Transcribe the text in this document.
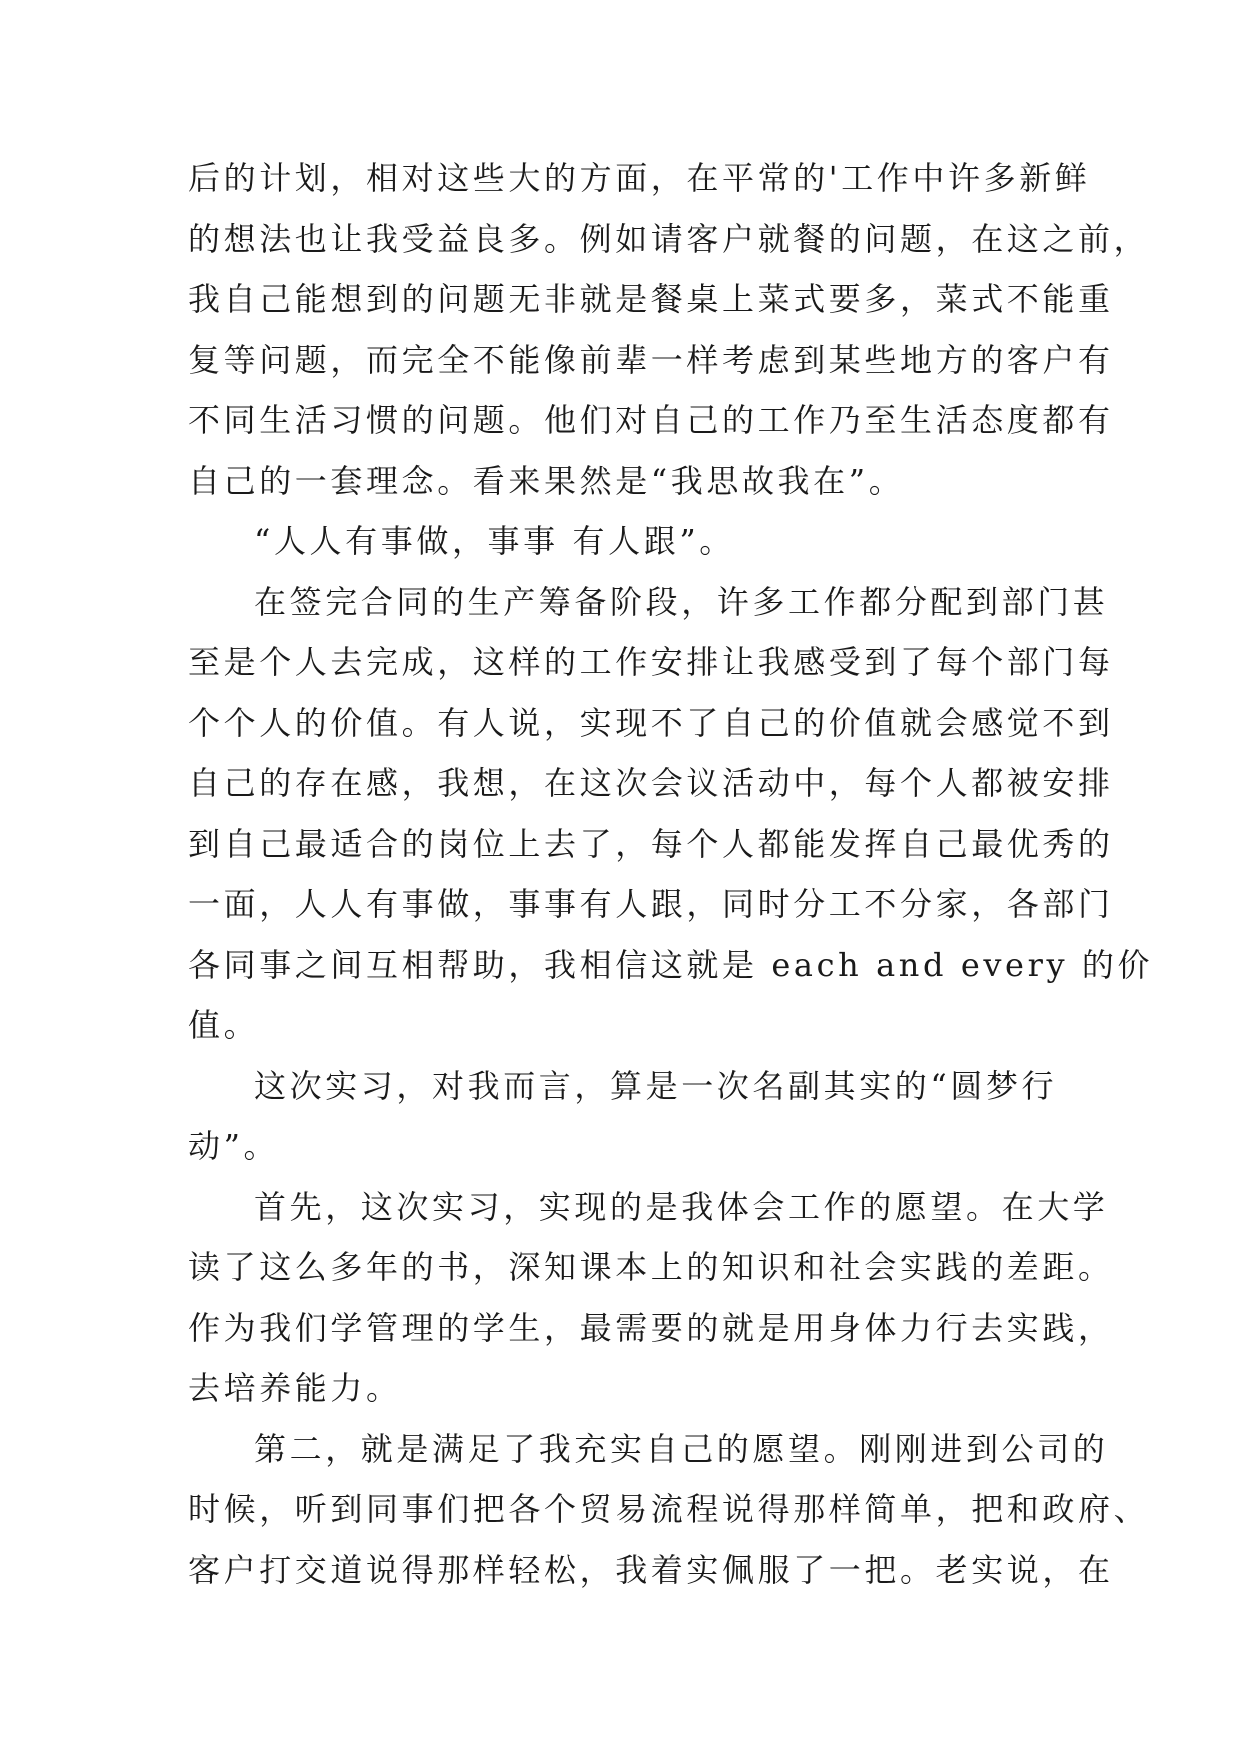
后的计划，相对这些大的方面，在平常的'工作中许多新鲜
的想法也让我受益良多。例如请客户就餐的问题，在这之前，
我自己能想到的问题无非就是餐桌上菜式要多，菜式不能重
复等问题，而完全不能像前辈一样考虑到某些地方的客户有
不同生活习惯的问题。他们对自己的工作乃至生活态度都有
自己的一套理念。看来果然是“我思故我在”。
“人人有事做，事事 有人跟”。
在签完合同的生产筹备阶段，许多工作都分配到部门甚
至是个人去完成，这样的工作安排让我感受到了每个部门每
个个人的价值。有人说，实现不了自己的价值就会感觉不到
自己的存在感，我想，在这次会议活动中，每个人都被安排
到自己最适合的岗位上去了，每个人都能发挥自己最优秀的
一面，人人有事做，事事有人跟，同时分工不分家，各部门
各同事之间互相帮助，我相信这就是 each and every 的价
值。
这次实习，对我而言，算是一次名副其实的“圆梦行
动”。
首先，这次实习，实现的是我体会工作的愿望。在大学
读了这么多年的书，深知课本上的知识和社会实践的差距。
作为我们学管理的学生，最需要的就是用身体力行去实践，
去培养能力。
第二，就是满足了我充实自己的愿望。刚刚进到公司的
时候，听到同事们把各个贸易流程说得那样简单，把和政府、
客户打交道说得那样轻松，我着实佩服了一把。老实说，在
